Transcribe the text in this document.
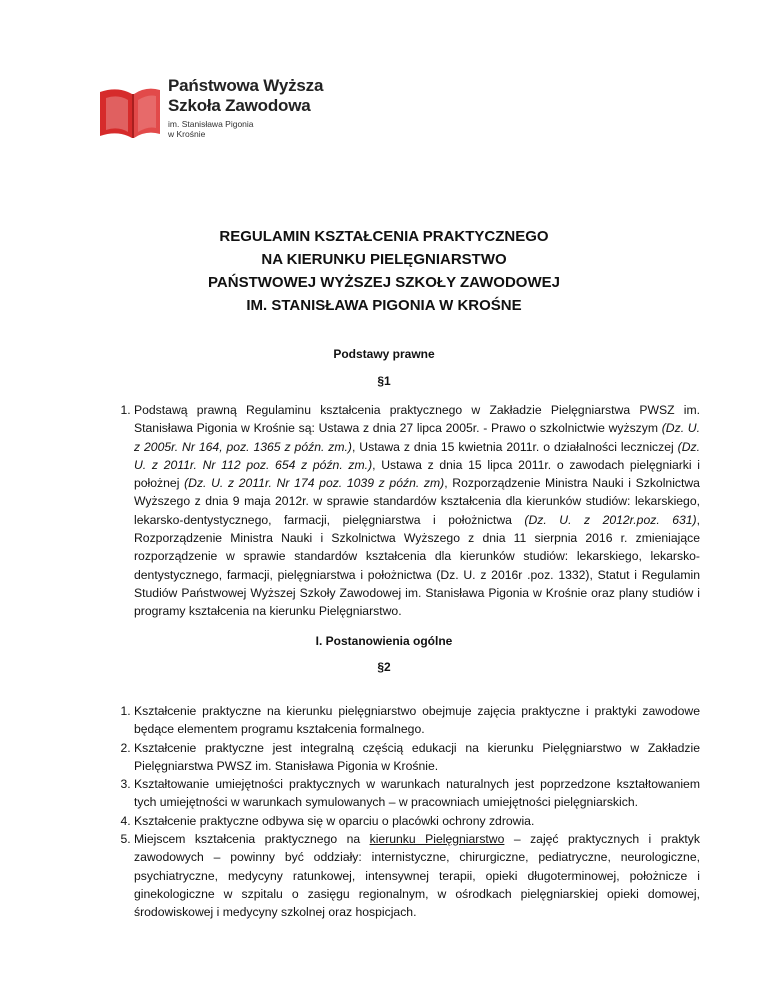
Państwowa Wyższa
Szkoła Zawodowa
im. Stanisława Pigonia
w Krośnie
REGULAMIN KSZTAŁCENIA PRAKTYCZNEGO
NA KIERUNKU PIELĘGNIARSTWO
PAŃSTWOWEJ WYŻSZEJ SZKOŁY ZAWODOWEJ
IM. STANISŁAWA PIGONIA W KROŚNE
Podstawy prawne
§1
1. Podstawą prawną Regulaminu kształcenia praktycznego w Zakładzie Pielęgniarstwa PWSZ im. Stanisława Pigonia w Krośnie są: Ustawa z dnia 27 lipca 2005r. - Prawo o szkolnictwie wyższym (Dz. U. z 2005r. Nr 164, poz. 1365 z późn. zm.), Ustawa z dnia 15 kwietnia 2011r. o działalności leczniczej (Dz. U. z 2011r. Nr 112 poz. 654 z późn. zm.), Ustawa z dnia 15 lipca 2011r. o zawodach pielęgniarki i położnej (Dz. U. z 2011r. Nr 174 poz. 1039 z późn. zm), Rozporządzenie Ministra Nauki i Szkolnictwa Wyższego z dnia 9 maja 2012r. w sprawie standardów kształcenia dla kierunków studiów: lekarskiego, lekarsko-dentystycznego, farmacji, pielęgniarstwa i położnictwa (Dz. U. z 2012r.poz. 631), Rozporządzenie Ministra Nauki i Szkolnictwa Wyższego z dnia 11 sierpnia 2016 r. zmieniające rozporządzenie w sprawie standardów kształcenia dla kierunków studiów: lekarskiego, lekarsko-dentystycznego, farmacji, pielęgniarstwa i położnictwa (Dz. U. z 2016r .poz. 1332), Statut i Regulamin Studiów Państwowej Wyższej Szkoły Zawodowej im. Stanisława Pigonia w Krośnie oraz plany studiów i programy kształcenia na kierunku Pielęgniarstwo.
I. Postanowienia ogólne
§2
1. Kształcenie praktyczne na kierunku pielęgniarstwo obejmuje zajęcia praktyczne i praktyki zawodowe będące elementem programu kształcenia formalnego.
2. Kształcenie praktyczne jest integralną częścią edukacji na kierunku Pielęgniarstwo w Zakładzie Pielęgniarstwa PWSZ im. Stanisława Pigonia w Krośnie.
3. Kształtowanie umiejętności praktycznych w warunkach naturalnych jest poprzedzone kształtowaniem tych umiejętności w warunkach symulowanych – w pracowniach umiejętności pielęgniarskich.
4. Kształcenie praktyczne odbywa się w oparciu o placówki ochrony zdrowia.
5. Miejscem kształcenia praktycznego na kierunku Pielęgniarstwo – zajęć praktycznych i praktyk zawodowych – powinny być oddziały: internistyczne, chirurgiczne, pediatryczne, neurologiczne, psychiatryczne, medycyny ratunkowej, intensywnej terapii, opieki długoterminowej, położnicze i ginekologiczne w szpitalu o zasięgu regionalnym, w ośrodkach pielęgniarskiej opieki domowej, środowiskowej i medycyny szkolnej oraz hospicjach.
